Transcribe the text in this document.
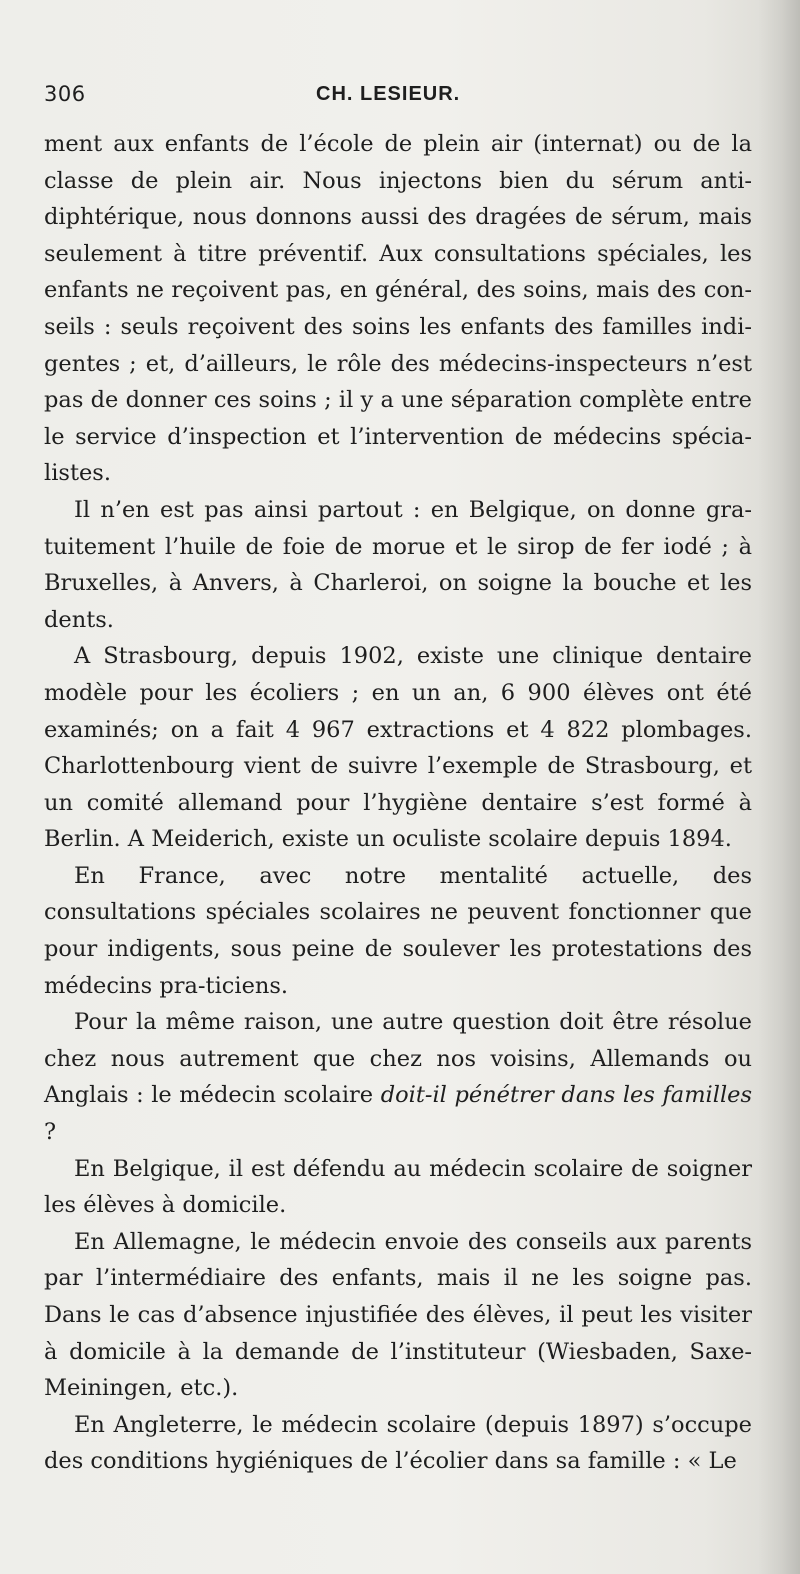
306	CH. LESIEUR.

ment aux enfants de l’école de plein air (internat) ou de la classe de plein air. Nous injectons bien du sérum anti-diphtérique, nous donnons aussi des dragées de sérum, mais seulement à titre préventif. Aux consultations spéciales, les enfants ne reçoivent pas, en général, des soins, mais des con-seils : seuls reçoivent des soins les enfants des familles indi-gentes ; et, d’ailleurs, le rôle des médecins-inspecteurs n’est pas de donner ces soins ; il y a une séparation complète entre le service d’inspection et l’intervention de médecins spécia-listes.

Il n’en est pas ainsi partout : en Belgique, on donne gra-tuitement l’huile de foie de morue et le sirop de fer iodé ; à Bruxelles, à Anvers, à Charleroi, on soigne la bouche et les dents.

A Strasbourg, depuis 1902, existe une clinique dentaire modèle pour les écoliers ; en un an, 6 900 élèves ont été examinés; on a fait 4 967 extractions et 4 822 plombages. Charlottenbourg vient de suivre l’exemple de Strasbourg, et un comité allemand pour l’hygiène dentaire s’est formé à Berlin. A Meiderich, existe un oculiste scolaire depuis 1894.

En France, avec notre mentalité actuelle, des consultations spéciales scolaires ne peuvent fonctionner que pour indigents, sous peine de soulever les protestations des médecins pra-ticiens.

Pour la même raison, une autre question doit être résolue chez nous autrement que chez nos voisins, Allemands ou Anglais : le médecin scolaire doit-il pénétrer dans les familles ?

En Belgique, il est défendu au médecin scolaire de soigner les élèves à domicile.

En Allemagne, le médecin envoie des conseils aux parents par l’intermédiaire des enfants, mais il ne les soigne pas. Dans le cas d’absence injustifiée des élèves, il peut les visiter à domicile à la demande de l’instituteur (Wiesbaden, Saxe-Meiningen, etc.).

En Angleterre, le médecin scolaire (depuis 1897) s’occupe des conditions hygiéniques de l’écolier dans sa famille : « Le
